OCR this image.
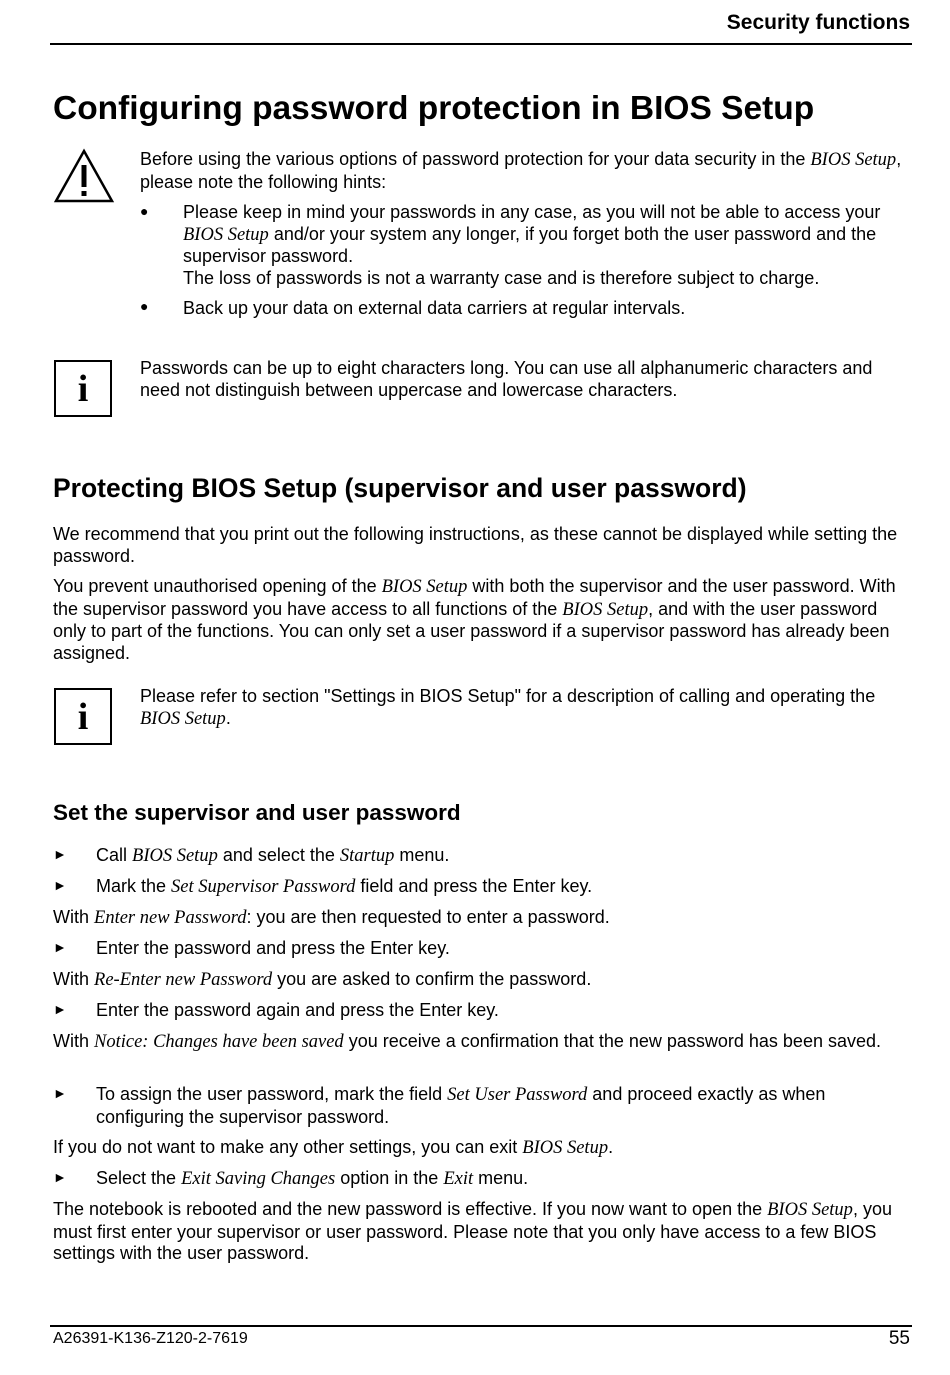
Security functions
Configuring password protection in BIOS Setup

Before using the various options of password protection for your data security in the BIOS Setup, please note the following hints:

● Please keep in mind your passwords in any case, as you will not be able to access your BIOS Setup and/or your system any longer, if you forget both the user password and the supervisor password.
The loss of passwords is not a warranty case and is therefore subject to charge.

● Back up your data on external data carriers at regular intervals.

i	Passwords can be up to eight characters long. You can use all alphanumeric characters and need not distinguish between uppercase and lowercase characters.

Protecting BIOS Setup (supervisor and user password)

We recommend that you print out the following instructions, as these cannot be displayed while setting the password.

You prevent unauthorised opening of the BIOS Setup with both the supervisor and the user password. With the supervisor password you have access to all functions of the BIOS Setup, and with the user password only to part of the functions. You can only set a user password if a supervisor password has already been assigned.

i	Please refer to section "Settings in BIOS Setup" for a description of calling and operating the BIOS Setup.

Set the supervisor and user password
► Call BIOS Setup and select the Startup menu.

► Mark the Set Supervisor Password field and press the Enter key.

With Enter new Password: you are then requested to enter a password.

► Enter the password and press the Enter key.

With Re-Enter new Password you are asked to confirm the password.

► Enter the password again and press the Enter key.

With Notice: Changes have been saved you receive a confirmation that the new password has been saved.

► To assign the user password, mark the field Set User Password and proceed exactly as when configuring the supervisor password.

If you do not want to make any other settings, you can exit BIOS Setup.

► Select the Exit Saving Changes option in the Exit menu.

The notebook is rebooted and the new password is effective. If you now want to open the BIOS Setup, you must first enter your supervisor or user password. Please note that you only have access to a few BIOS settings with the user password.

A26391-K136-Z120-2-7619	55
